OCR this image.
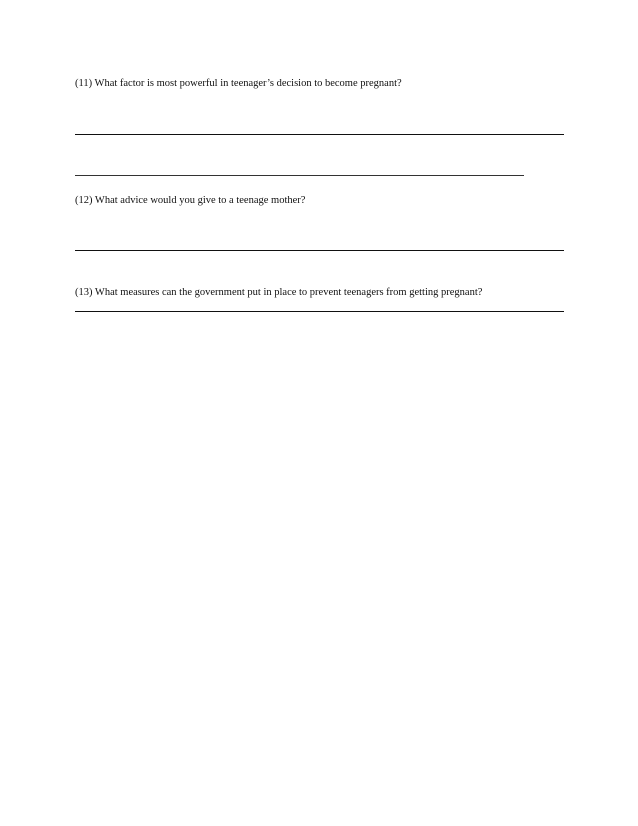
(11) What factor is most powerful in teenager’s decision to become pregnant?
(12) What advice would you give to a teenage mother?
(13) What measures can the government put in place to prevent teenagers from getting pregnant?
